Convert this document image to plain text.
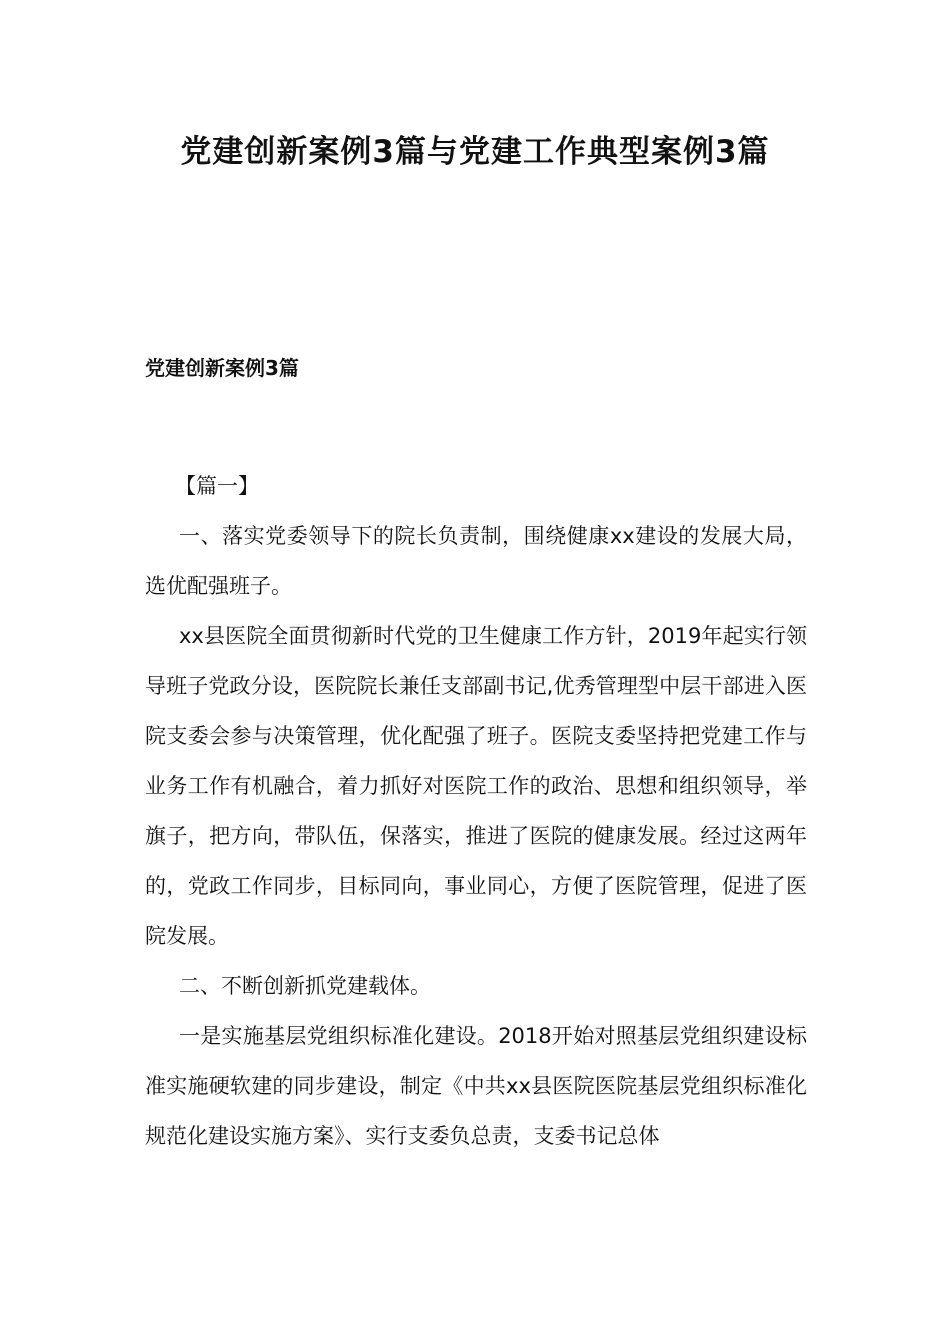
党建创新案例3篇与党建工作典型案例3篇
党建创新案例3篇

【篇一】

一、落实党委领导下的院长负责制，围绕健康xx建设的发展大局，选优配强班子。

xx县医院全面贯彻新时代党的卫生健康工作方针，2019年起实行领导班子党政分设，医院院长兼任支部副书记,优秀管理型中层干部进入医院支委会参与决策管理，优化配强了班子。医院支委坚持把党建工作与业务工作有机融合，着力抓好对医院工作的政治、思想和组织领导，举旗子，把方向，带队伍，保落实，推进了医院的健康发展。经过这两年的，党政工作同步，目标同向，事业同心，方便了医院管理，促进了医院发展。

二、不断创新抓党建载体。

一是实施基层党组织标准化建设。2018开始对照基层党组织建设标准实施硬软建的同步建设，制定《中共xx县医院医院基层党组织标准化规范化建设实施方案》、实行支委负总责，支委书记总体
